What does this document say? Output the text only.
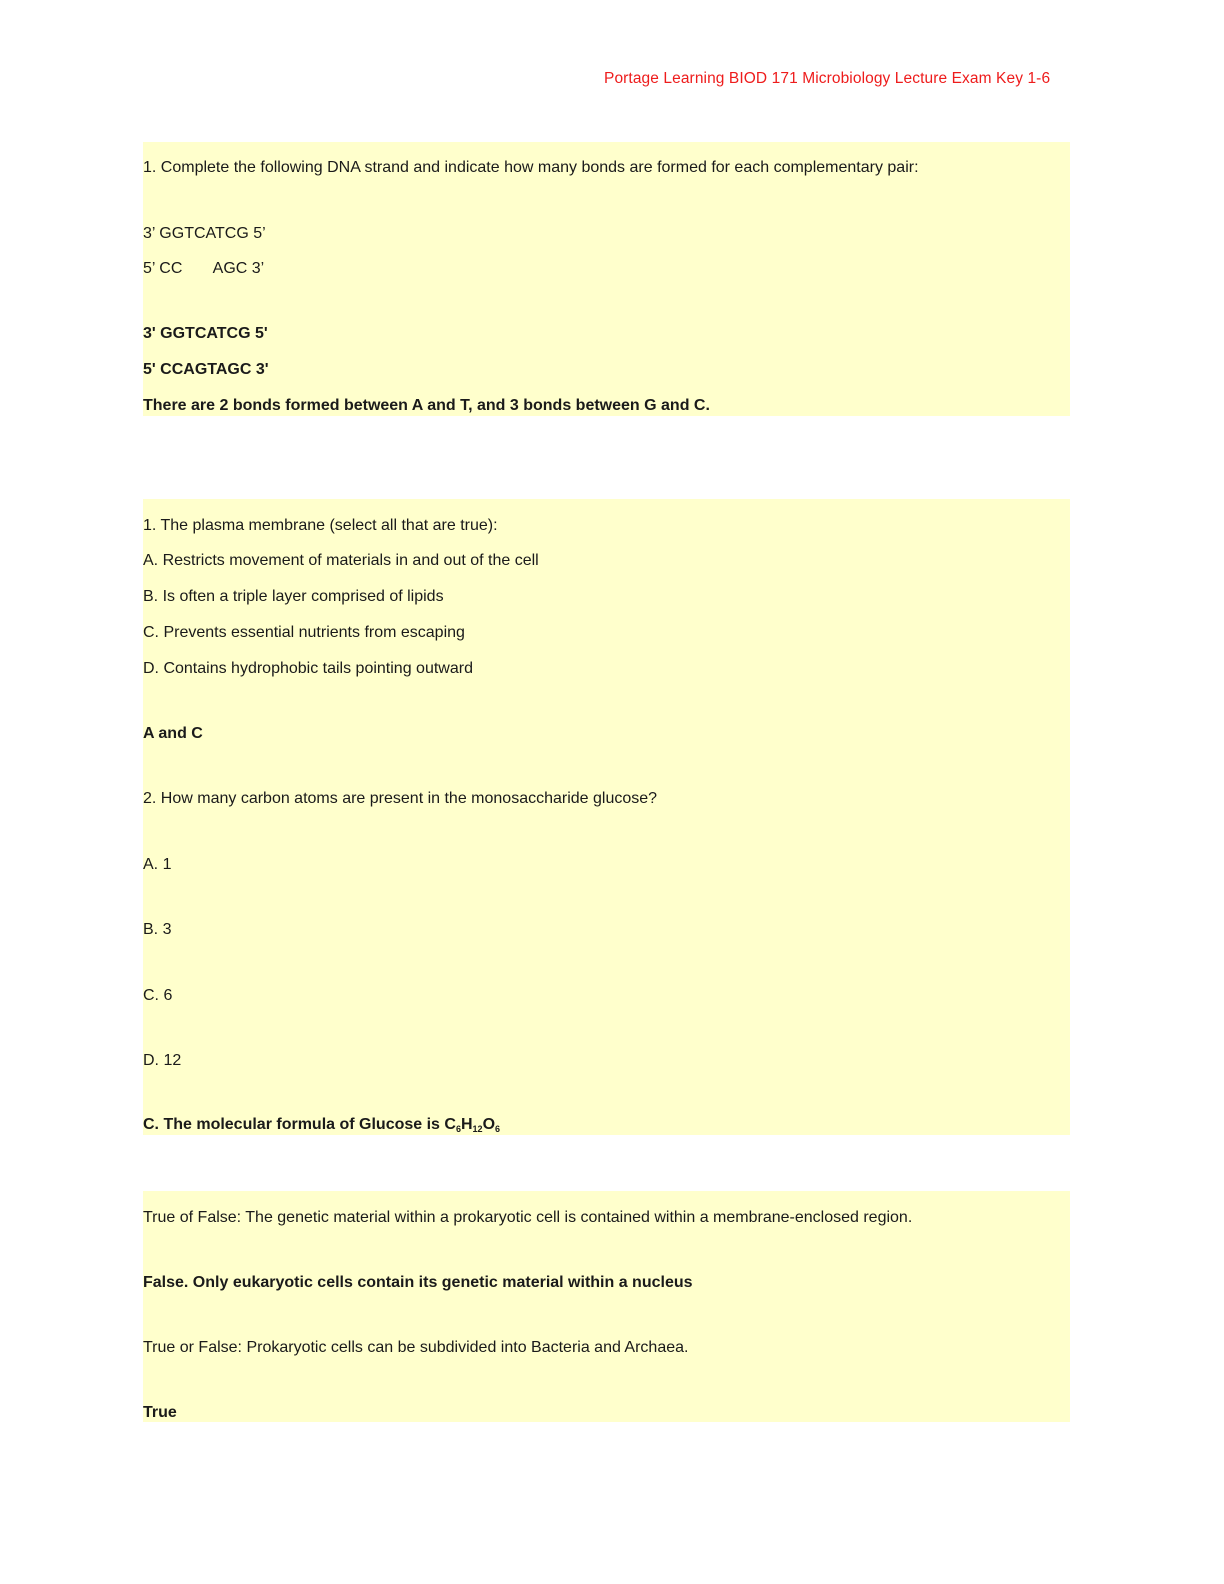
Portage Learning BIOD 171 Microbiology Lecture Exam Key 1-6
1. Complete the following DNA strand and indicate how many bonds are formed for each complementary pair:
3’ GGTCATCG 5’
5’ CC       AGC 3’
3' GGTCATCG 5'
5' CCAGTAGC 3'
There are 2 bonds formed between A and T, and 3 bonds between G and C.
1. The plasma membrane (select all that are true):
A. Restricts movement of materials in and out of the cell
B. Is often a triple layer comprised of lipids
C. Prevents essential nutrients from escaping
D. Contains hydrophobic tails pointing outward
A and C
2. How many carbon atoms are present in the monosaccharide glucose?
A. 1
B. 3
C. 6
D. 12
C. The molecular formula of Glucose is $C_6H_{12}O_6$
True of False: The genetic material within a prokaryotic cell is contained within a membrane-enclosed region.
False. Only eukaryotic cells contain its genetic material within a nucleus
True or False: Prokaryotic cells can be subdivided into Bacteria and Archaea.
True
